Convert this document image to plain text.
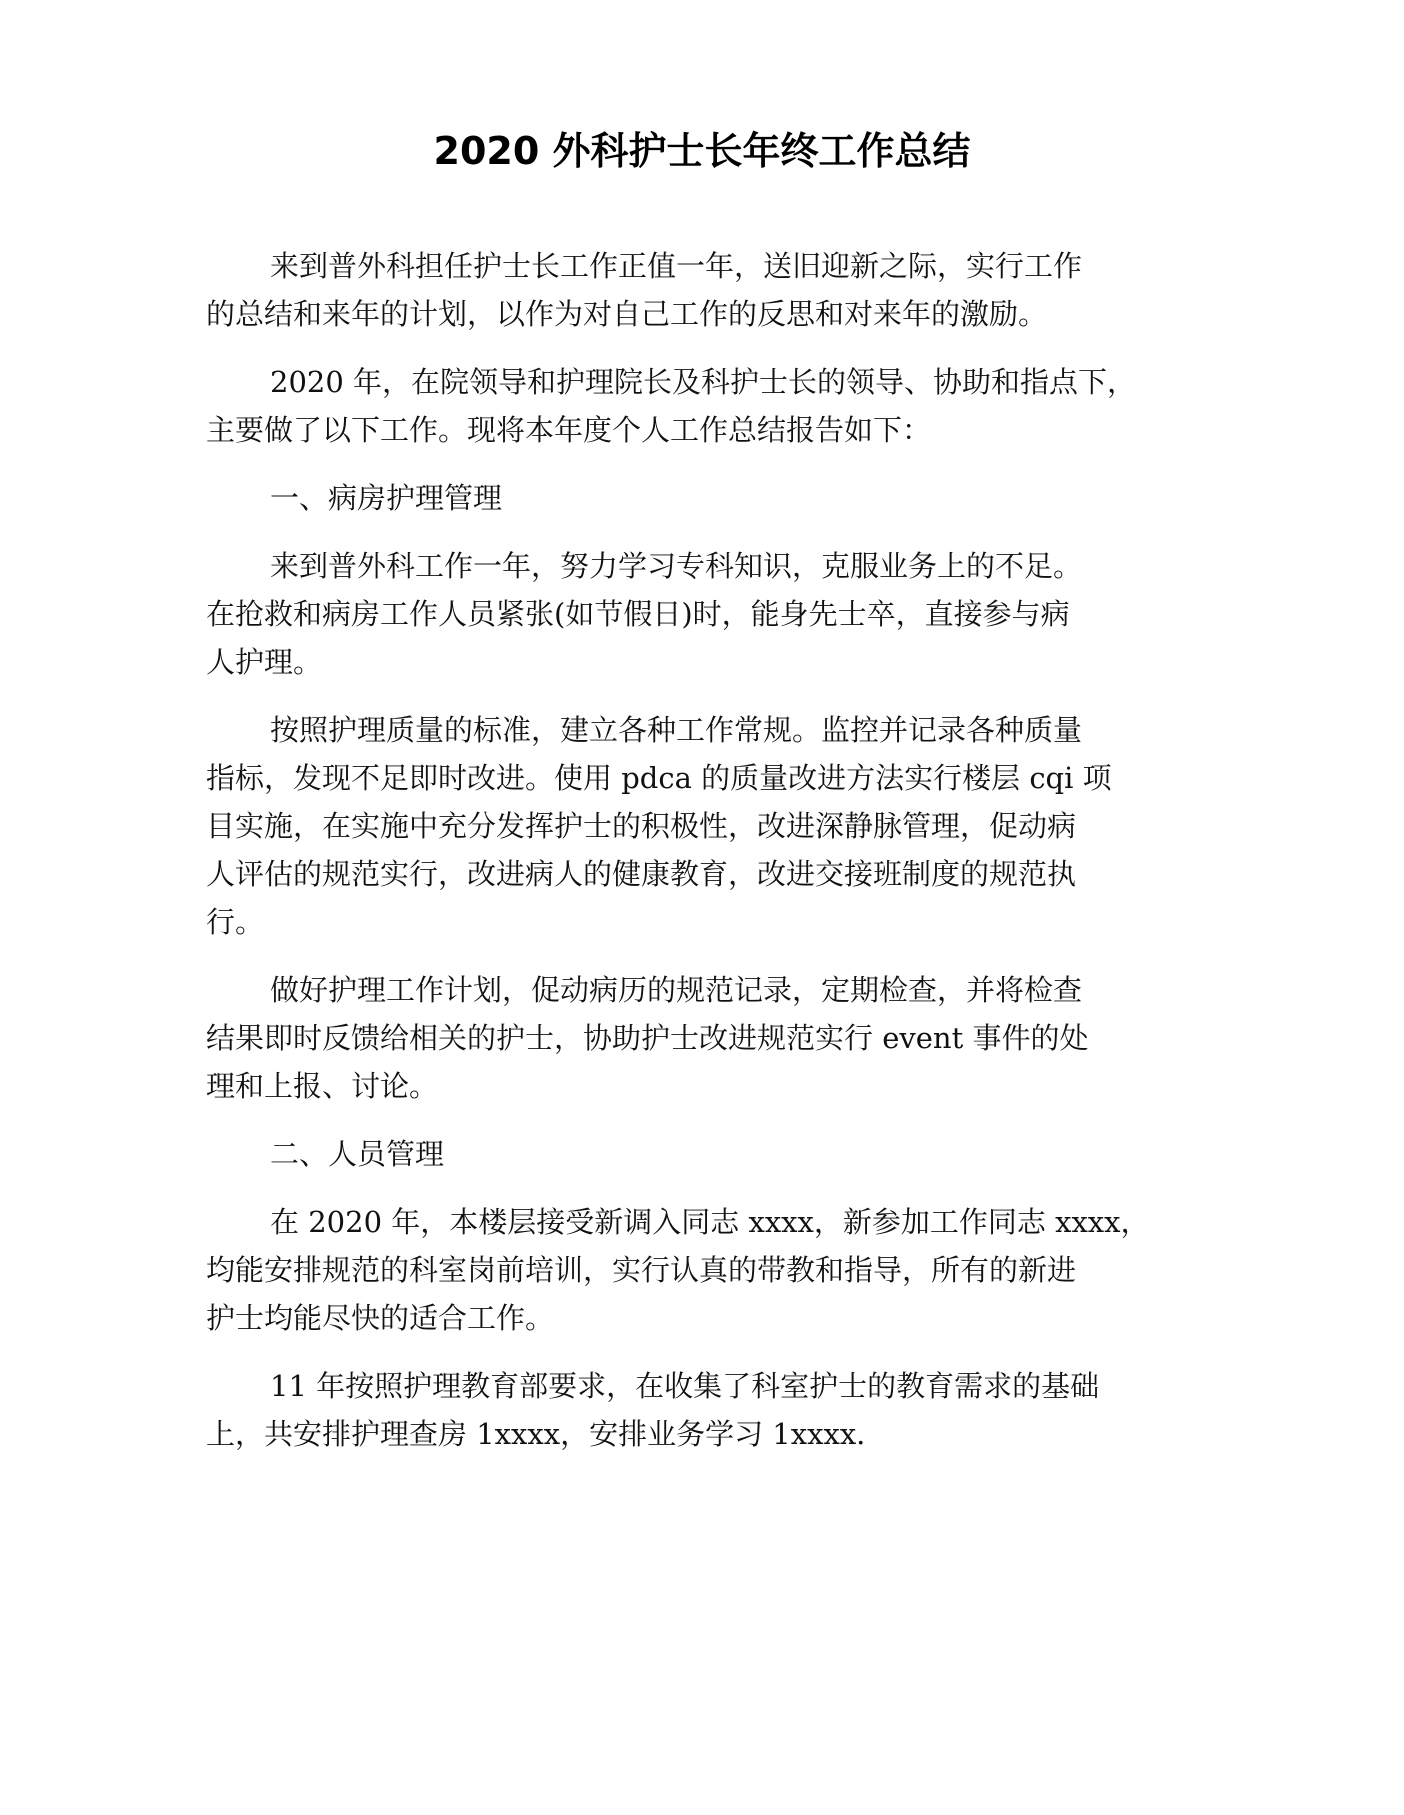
2020 外科护士长年终工作总结
来到普外科担任护士长工作正值一年，送旧迎新之际，实行工作
的总结和来年的计划，以作为对自己工作的反思和对来年的激励。
2020 年，在院领导和护理院长及科护士长的领导、协助和指点下，
主要做了以下工作。现将本年度个人工作总结报告如下：
一、病房护理管理
来到普外科工作一年，努力学习专科知识，克服业务上的不足。
在抢救和病房工作人员紧张(如节假日)时，能身先士卒，直接参与病
人护理。
按照护理质量的标准，建立各种工作常规。监控并记录各种质量
指标，发现不足即时改进。使用 pdca 的质量改进方法实行楼层 cqi 项
目实施，在实施中充分发挥护士的积极性，改进深静脉管理，促动病
人评估的规范实行，改进病人的健康教育，改进交接班制度的规范执
行。
做好护理工作计划，促动病历的规范记录，定期检查，并将检查
结果即时反馈给相关的护士，协助护士改进规范实行 event 事件的处
理和上报、讨论。
二、人员管理
在 2020 年，本楼层接受新调入同志 xxxx，新参加工作同志 xxxx，
均能安排规范的科室岗前培训，实行认真的带教和指导，所有的新进
护士均能尽快的适合工作。
11 年按照护理教育部要求，在收集了科室护士的教育需求的基础
上，共安排护理查房 1xxxx，安排业务学习 1xxxx.
